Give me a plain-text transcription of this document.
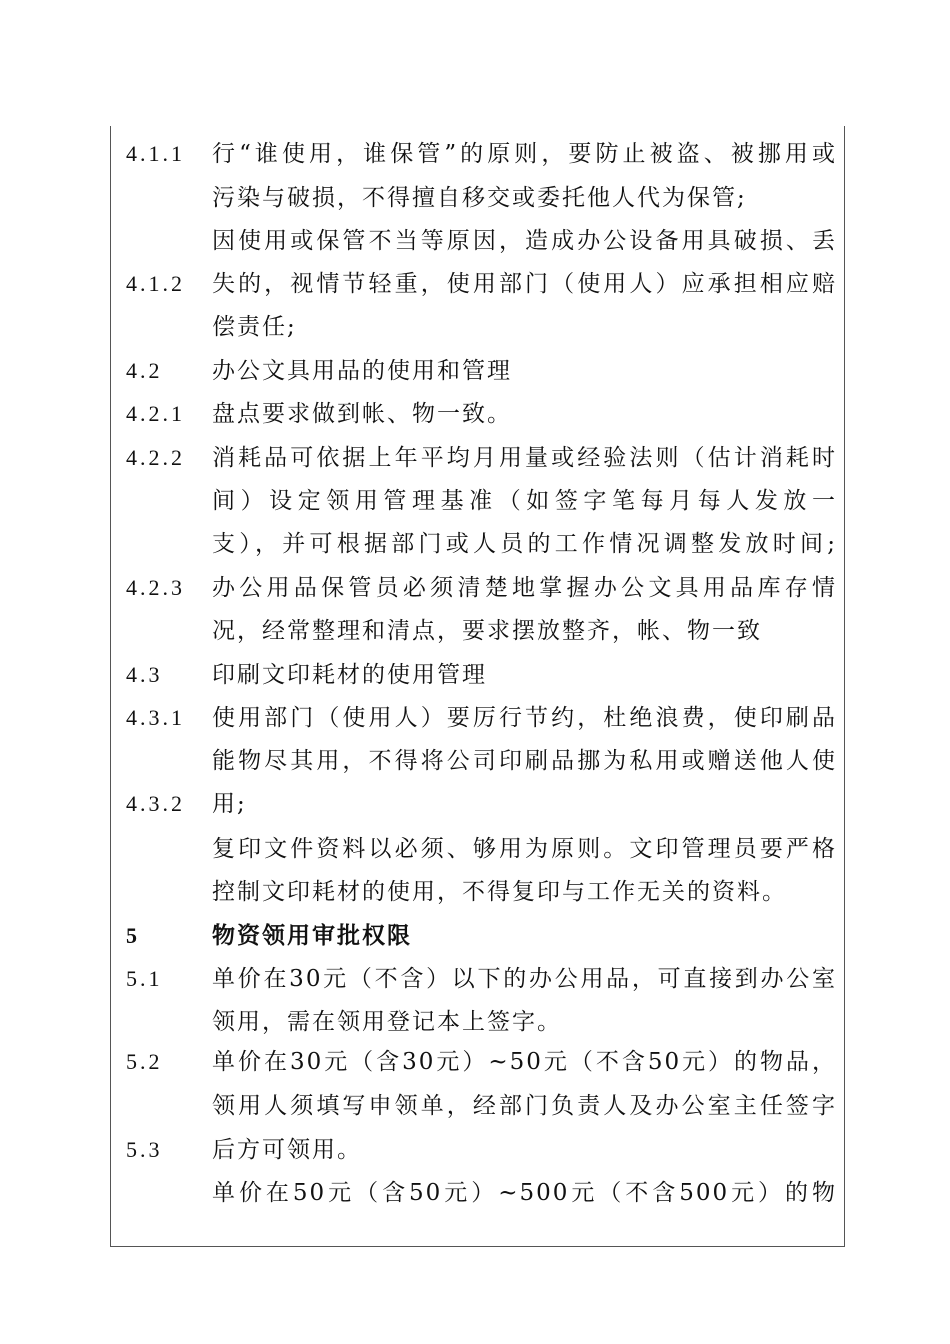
4.1.1 行“谁使用，谁保管”的原则，要防止被盗、被挪用或
污染与破损，不得擅自移交或委托他人代为保管;
因使用或保管不当等原因，造成办公设备用具破损、丢
4.1.2 失的，视情节轻重，使用部门（使用人）应承担相应赔
偿责任;
4.2 办公文具用品的使用和管理
4.2.1 盘点要求做到帐、物一致。
4.2.2 消耗品可依据上年平均月用量或经验法则（估计消耗时
间）设定领用管理基准（如签字笔每月每人发放一
支），并可根据部门或人员的工作情况调整发放时间;
4.2.3 办公用品保管员必须清楚地掌握办公文具用品库存情
况，经常整理和清点，要求摆放整齐，帐、物一致
4.3 印刷文印耗材的使用管理
4.3.1 使用部门（使用人）要厉行节约，杜绝浪费，使印刷品
能物尽其用，不得将公司印刷品挪为私用或赠送他人使
4.3.2 用;
复印文件资料以必须、够用为原则。文印管理员要严格
控制文印耗材的使用，不得复印与工作无关的资料。
5	物资领用审批权限
5.1 单价在30元（不含）以下的办公用品，可直接到办公室
领用，需在领用登记本上签字。
5.2 单价在30元（含30元）~50元（不含50元）的物品，
领用人须填写申领单，经部门负责人及办公室主任签字
5.3 后方可领用。
单价在50元（含50元）~500元（不含500元）的物
